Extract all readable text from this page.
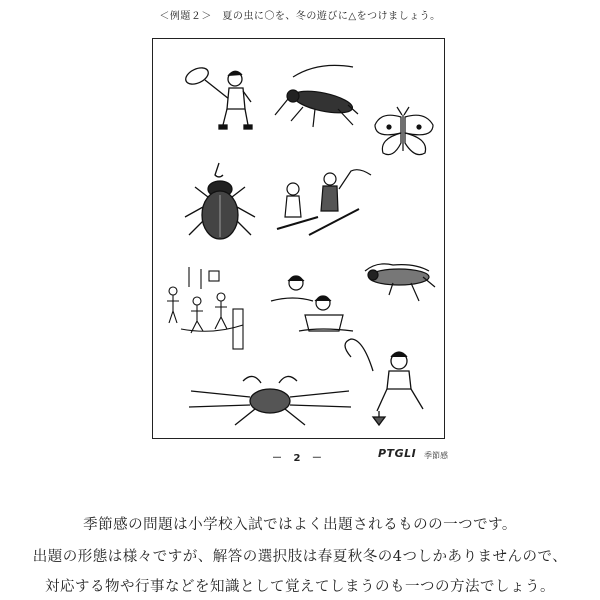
＜例題２＞　夏の虫に〇を、冬の遊びに△をつけましょう。
－ 2 －	PTGLI 季節感
季節感の問題は小学校入試ではよく出題されるものの一つです。
出題の形態は様々ですが、解答の選択肢は春夏秋冬の4つしかありませんので、
対応する物や行事などを知識として覚えてしまうのも一つの方法でしょう。
